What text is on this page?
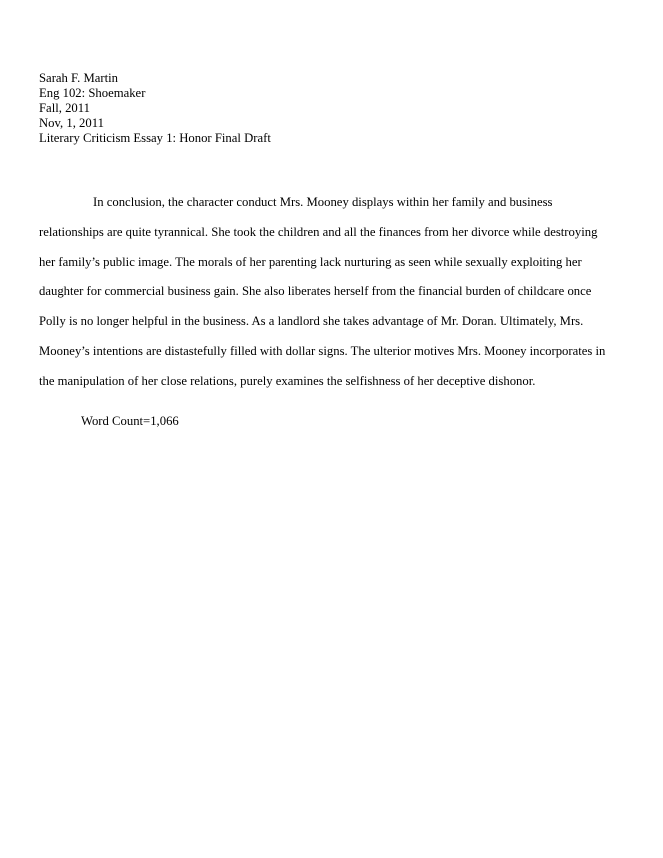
Sarah F. Martin
Eng 102: Shoemaker
Fall, 2011
Nov, 1, 2011
Literary Criticism Essay 1: Honor Final Draft
In conclusion, the character conduct Mrs. Mooney displays within her family and business
relationships are quite tyrannical. She took the children and all the finances from her divorce while destroying
her family’s public image. The morals of her parenting lack nurturing as seen while sexually exploiting her
daughter for commercial business gain. She also liberates herself from the financial burden of childcare once
Polly is no longer helpful in the business. As a landlord she takes advantage of Mr. Doran. Ultimately, Mrs.
Mooney’s intentions are distastefully filled with dollar signs. The ulterior motives Mrs. Mooney incorporates in
the manipulation of her close relations, purely examines the selfishness of her deceptive dishonor.
Word Count=1,066
